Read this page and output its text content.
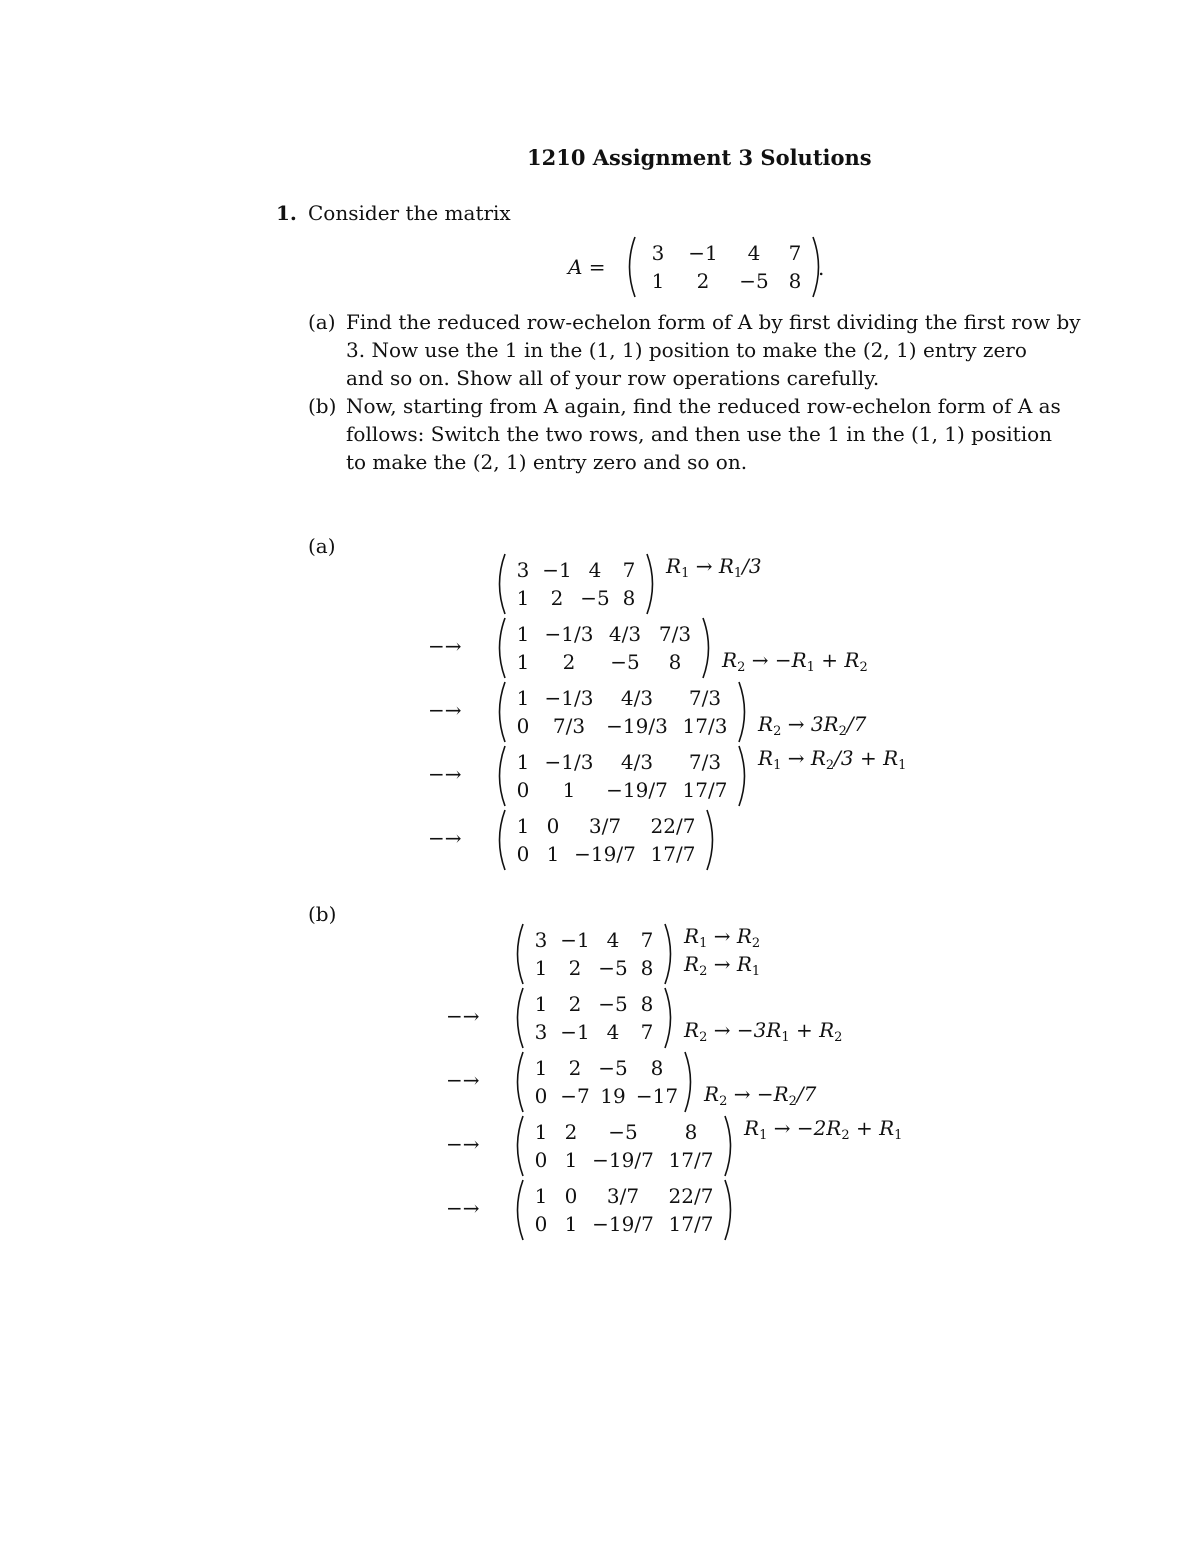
1210 Assignment 3 Solutions
1. Consider the matrix
A =
3	−1	4	7
1	2	−5 8
.
(a) Find the reduced row-echelon form of A by first dividing the first row by
3. Now use the 1 in the (1, 1) position to make the (2, 1) entry zero
and so on. Show all of your row operations carefully.
(b) Now, starting from A again, find the reduced row-echelon form of A as
follows: Switch the two rows, and then use the 1 in the (1, 1) position
to make the (2, 1) entry zero and so on.
(a)
3 −1 4	7
1	2 −5 8
−→	1 −1/3 4/3 7/3
1	2	−5	8
−→	1 −1/3	4/3	7/3
0	7/3	−19/3 17/3
−→	1 −1/3	4/3	7/3
0	1	−19/7 17/7
−→	1 0	3/7	22/7
0 1 −19/7 17/7
$R_1 \to R_1/3$
$R_2 \to -R_1 + R_2$
$R_2 \to 3R_2/7$
$R_1 \to R_2/3 + R_1$
(b)
3 −1 4	7
1	2 −5 8
−→	1	2 −5 8
3 −1 4	7
−→	1	2 −5	8
0 −7 19 −17
−→	1 2	−5	8
0 1 −19/7 17/7
−→	1 0	3/7	22/7
0 1 −19/7 17/7
$R_1 \to R_2$
$R_2 \to R_1$
$R_2 \to -3R_1 + R_2$
$R_2 \to -R_2/7$
$R_1 \to -2R_2 + R_1$
